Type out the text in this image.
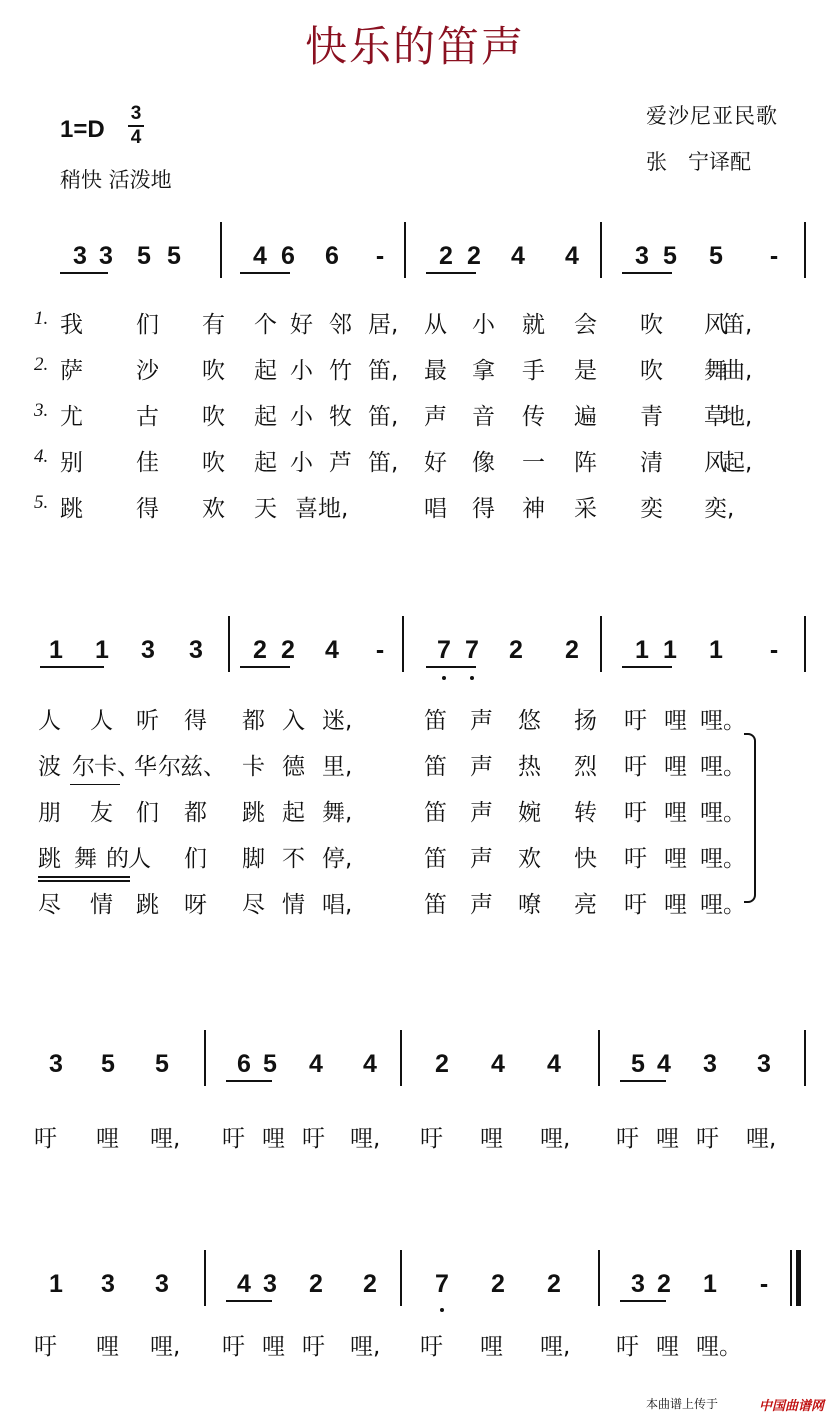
快乐的笛声
1=D
3
4
稍快 活泼地
爱沙尼亚民歌
张　宁译配
3 3 5 5	4 6 6 - 2 2 4 4 3 5 5 -
我 们 有 个 好 邻 居, 从 小 就 会 吹 风
笛,
萨 沙 吹 起 小 竹 笛, 最 拿 手 是 吹 舞
曲,
尤 古 吹 起 小 牧 笛, 声 音 传 遍 青 草
地,
别 佳 吹 起 小 芦 笛, 好 像 一 阵 清 风
起,
跳 得 欢 天 喜 地,	唱 得 神 采 奕 奕,
1.
2.
3.
4.
5.
1 1 3 3 2 2 4 - 7 7 2 2 1 1 1 -
人 人 听 得 都 入 迷,	笛 声 悠 扬 吁 哩 哩。
波 尔 卡、
华 尔 兹、 卡 德 里,	笛 声 热 烈 吁 哩 哩。
朋 友 们 都 跳 起 舞,	笛 声 婉 转 吁 哩 哩。
跳 舞 的 人 们 脚 不 停,	笛 声 欢 快 吁 哩 哩。
尽 情 跳 呀 尽 情 唱,	笛 声 嘹 亮 吁 哩 哩。
3 5 5	6 5 4 4 2 4 4	5 4 3 3
吁 哩 哩, 吁 哩 吁 哩, 吁 哩 哩, 吁 哩 吁 哩,
1 3 3	4 3 2 2 7 2 2	3 2 1 -
吁 哩 哩, 吁 哩 吁 哩, 吁 哩 哩, 吁 哩 哩。
本曲谱上传于	中国曲谱网
